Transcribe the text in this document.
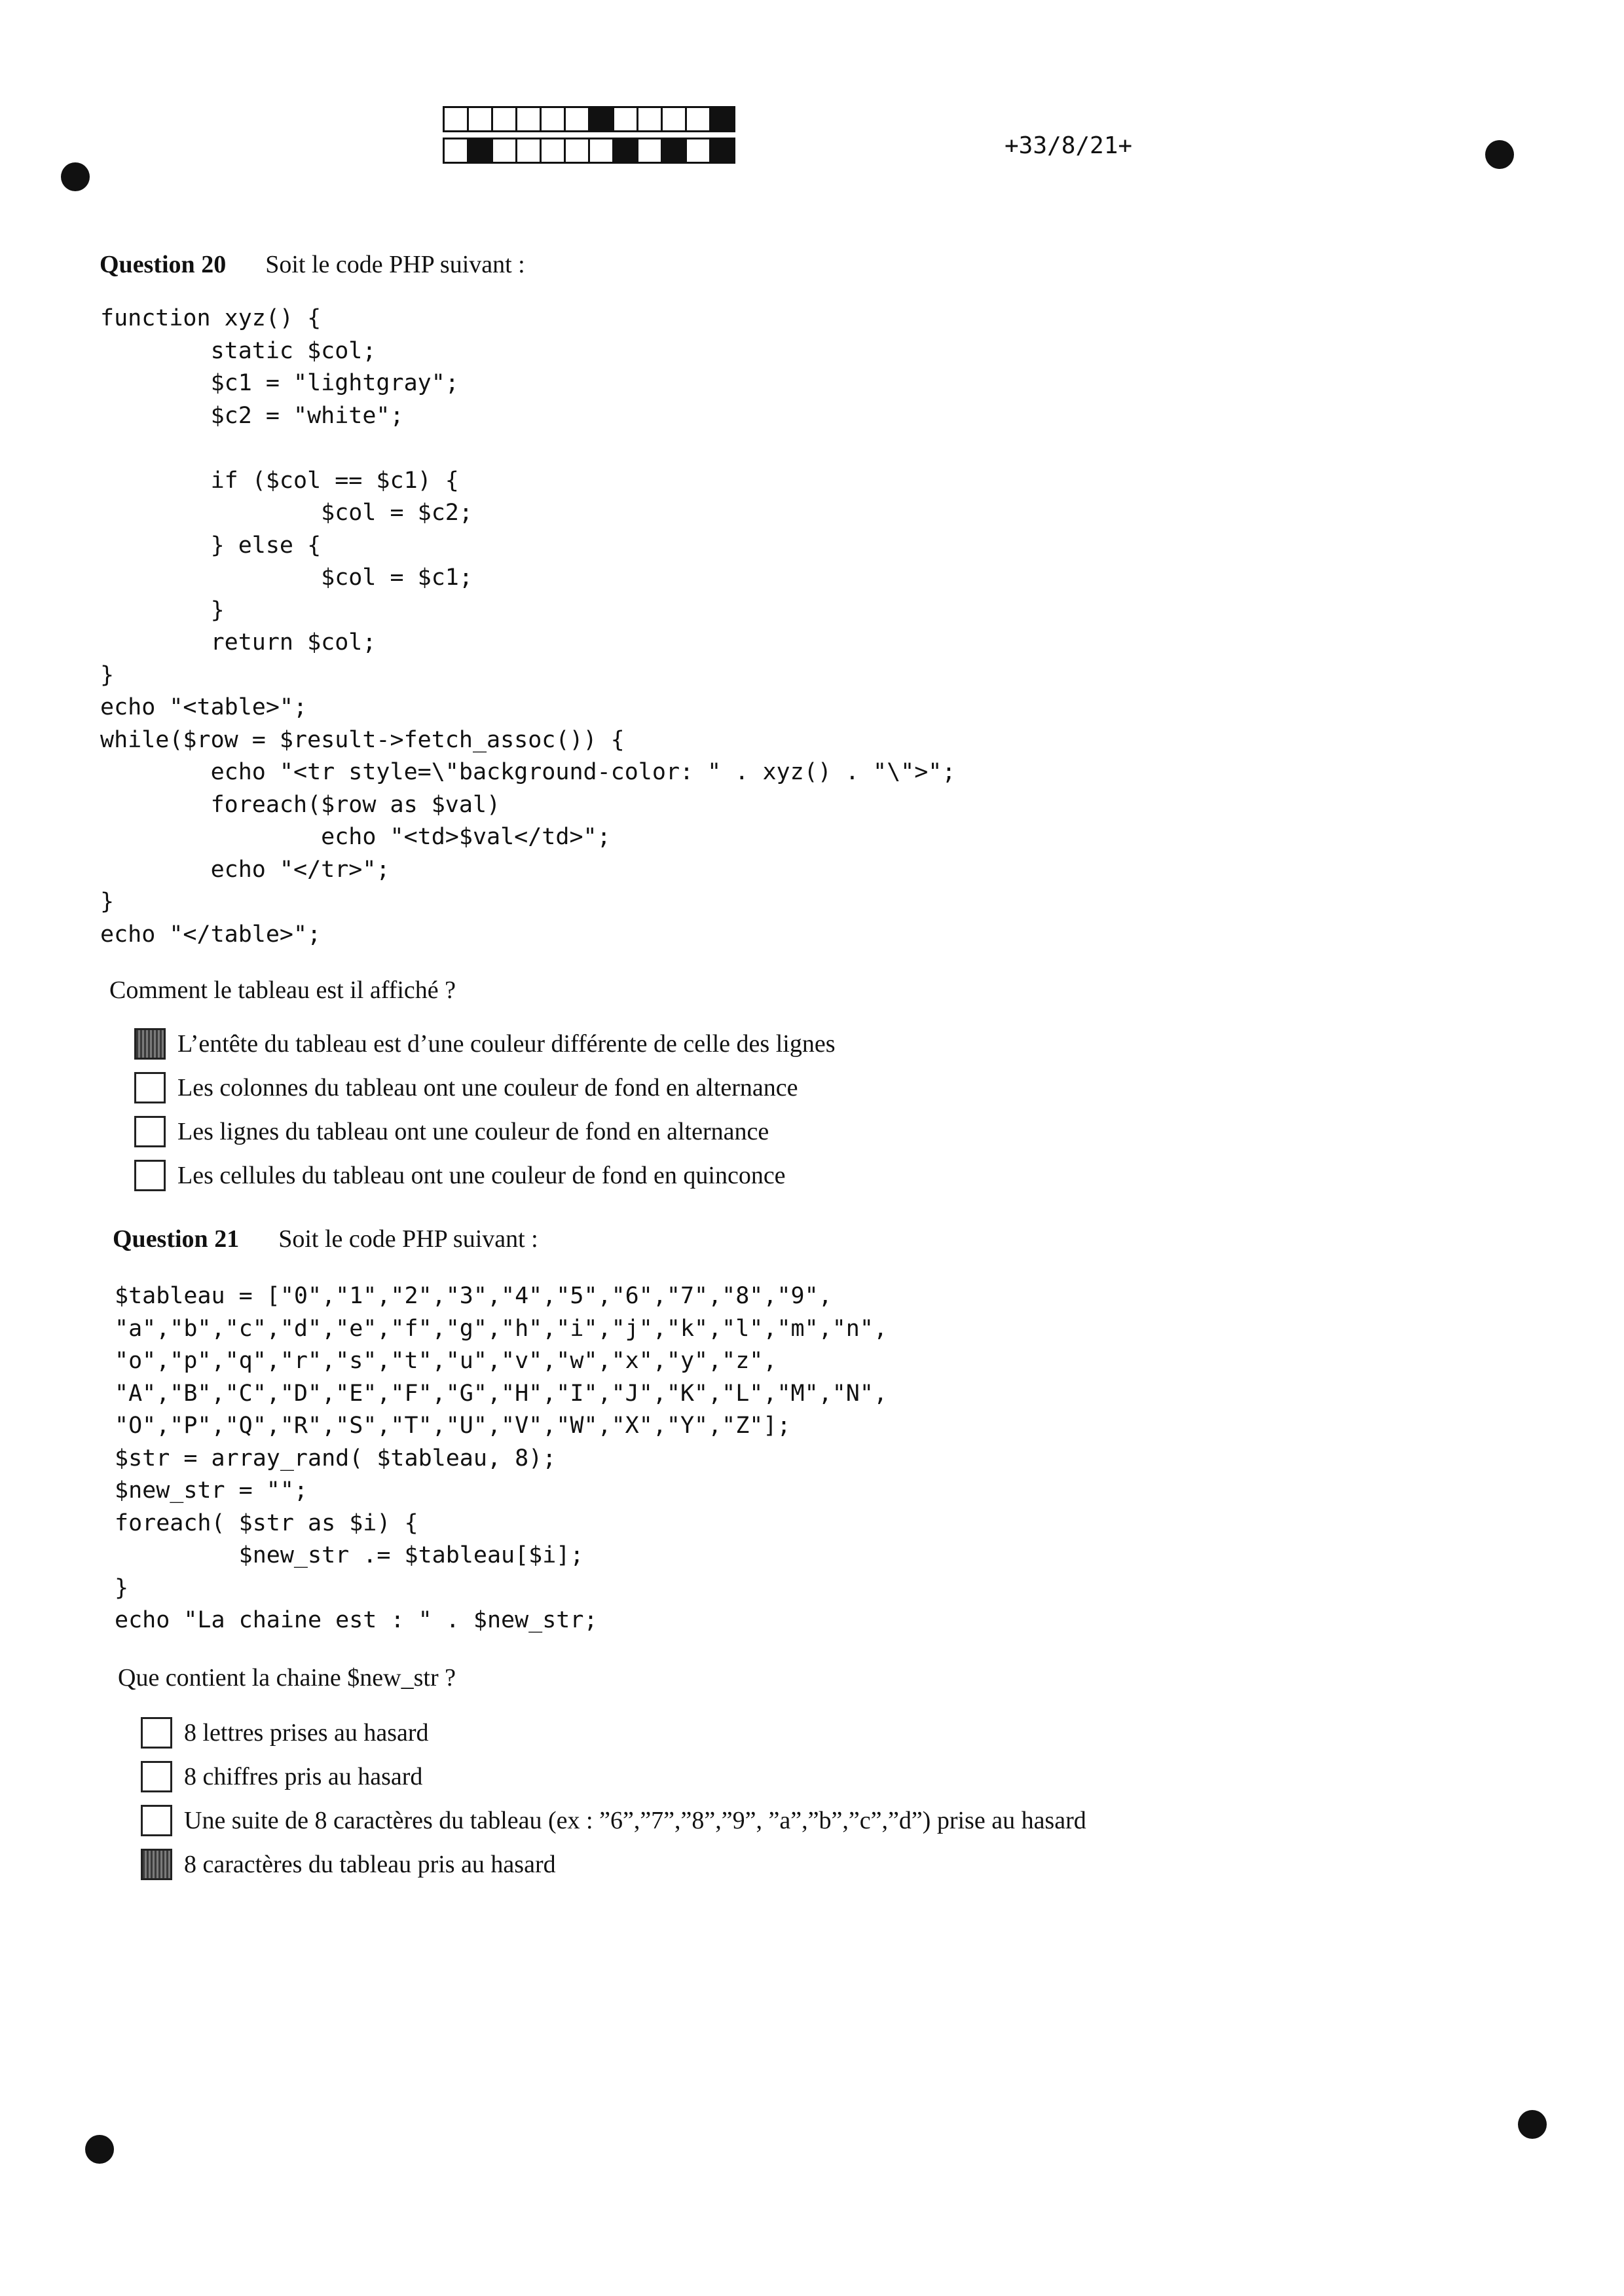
+33/8/21+
Question 20 Soit le code PHP suivant :
function xyz() {
static $col;
$c1 = "lightgray";
$c2 = "white";

if ($col == $c1) {
$col = $c2;
} else {
$col = $c1;
}
return $col;
}
echo "<table>";
while($row = $result->fetch_assoc()) {
echo "<tr style=\"background-color: " . xyz() . "\">";
foreach($row as $val)
echo "<td>$val</td>";
echo "</tr>";
}
echo "</table>";
Comment le tableau est il affiché ?
L’entête du tableau est d’une couleur différente de celle des lignes
Les colonnes du tableau ont une couleur de fond en alternance
Les lignes du tableau ont une couleur de fond en alternance
Les cellules du tableau ont une couleur de fond en quinconce
Question 21 Soit le code PHP suivant :
$tableau = ["0","1","2","3","4","5","6","7","8","9",
"a","b","c","d","e","f","g","h","i","j","k","l","m","n",
"o","p","q","r","s","t","u","v","w","x","y","z",
"A","B","C","D","E","F","G","H","I","J","K","L","M","N",
"O","P","Q","R","S","T","U","V","W","X","Y","Z"];
$str = array_rand( $tableau, 8);
$new_str = "";
foreach( $str as $i) {
$new_str .= $tableau[$i];
}
echo "La chaine est : " . $new_str;
Que contient la chaine $new_str ?
8 lettres prises au hasard
8 chiffres pris au hasard
Une suite de 8 caractères du tableau (ex : ”6”,”7”,”8”,”9”, ”a”,”b”,”c”,”d”) prise au hasard
8 caractères du tableau pris au hasard
